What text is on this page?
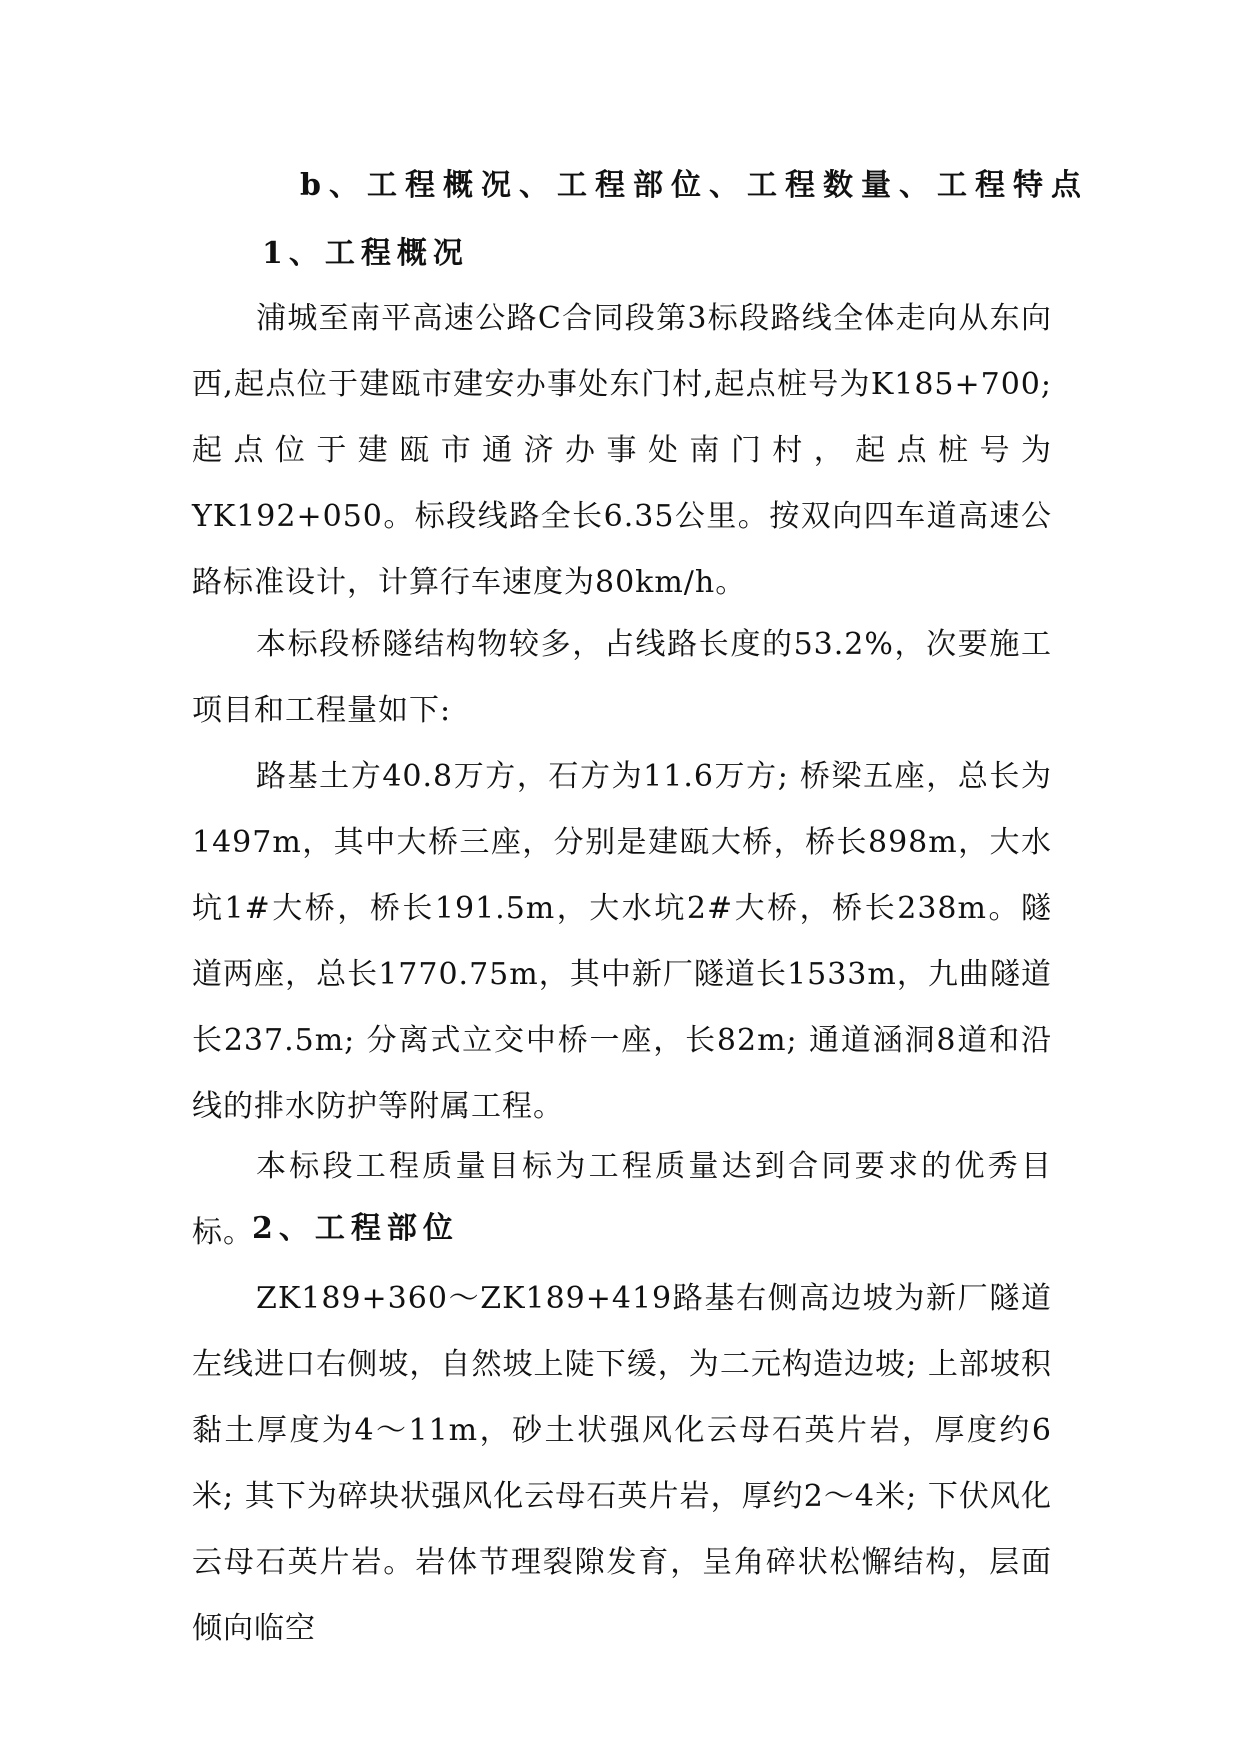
b、工程概况、工程部位、工程数量、工程特点
1、工程概况
浦城至南平高速公路C合同段第3标段路线全体走向从东向西,起点位于建瓯市建安办事处东门村,起点桩号为K185+700;起点位于建瓯市通济办事处南门村，起点桩号为YK192+050。标段线路全长6.35公里。按双向四车道高速公路标准设计，计算行车速度为80km/h。
本标段桥隧结构物较多，占线路长度的53.2%，次要施工项目和工程量如下:
路基土方40.8万方，石方为11.6万方; 桥梁五座，总长为1497m，其中大桥三座，分别是建瓯大桥，桥长898m，大水坑1#大桥，桥长191.5m，大水坑2#大桥，桥长238m。隧道两座，总长1770.75m，其中新厂隧道长1533m，九曲隧道长237.5m; 分离式立交中桥一座，长82m; 通道涵洞8道和沿线的排水防护等附属工程。
本标段工程质量目标为工程质量达到合同要求的优秀目标。
2、工程部位
ZK189+360～ZK189+419路基右侧高边坡为新厂隧道左线进口右侧坡，自然坡上陡下缓，为二元构造边坡; 上部坡积黏土厚度为4～11m，砂土状强风化云母石英片岩，厚度约6米; 其下为碎块状强风化云母石英片岩，厚约2～4米; 下伏风化云母石英片岩。岩体节理裂隙发育，呈角碎状松懈结构，层面倾向临空
